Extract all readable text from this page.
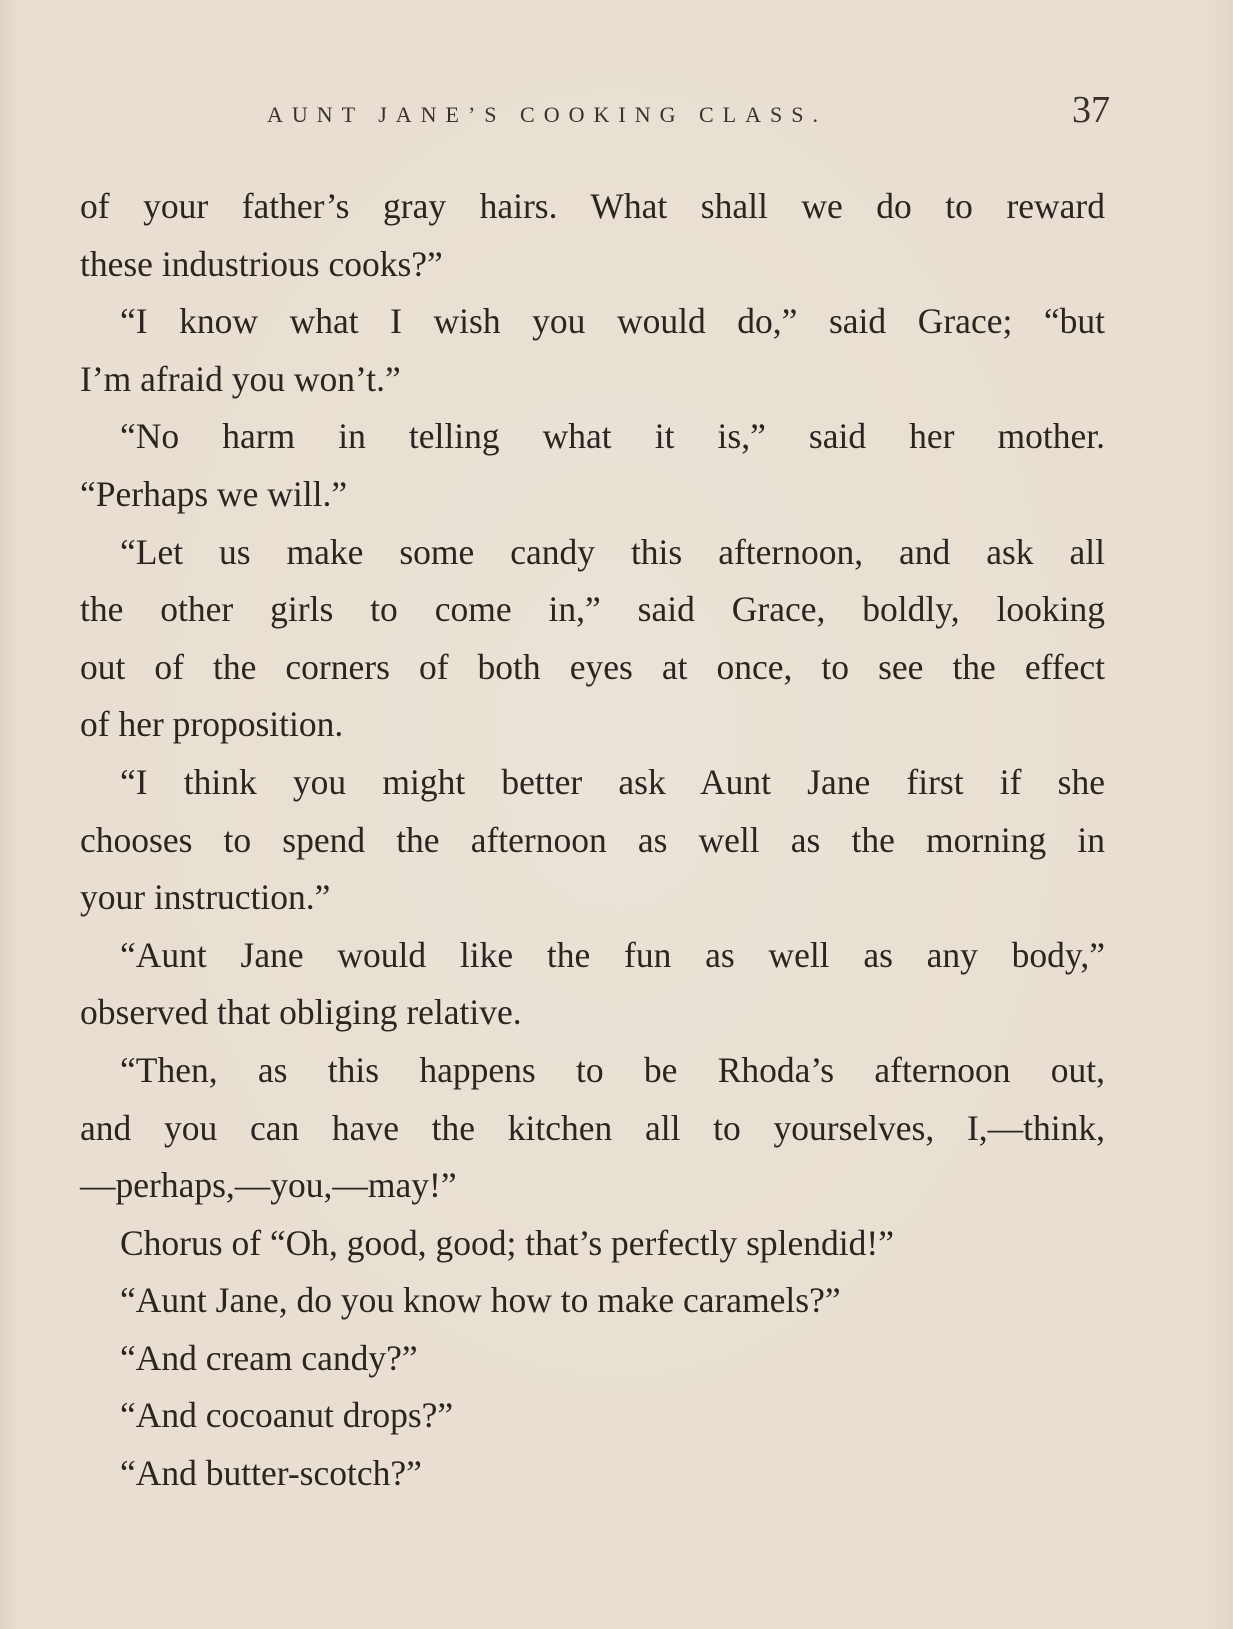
AUNT JANE’S COOKING CLASS.	37
of your father’s gray hairs. What shall we do to reward
these industrious cooks?”
“I know what I wish you would do,” said Grace; “but
I’m afraid you won’t.”
“No harm in telling what it is,” said her mother.
“Perhaps we will.”
“Let us make some candy this afternoon, and ask all
the other girls to come in,” said Grace, boldly, looking
out of the corners of both eyes at once, to see the effect
of her proposition.
“I think you might better ask Aunt Jane first if she
chooses to spend the afternoon as well as the morning in
your instruction.”
“Aunt Jane would like the fun as well as any body,”
observed that obliging relative.
“Then, as this happens to be Rhoda’s afternoon out,
and you can have the kitchen all to yourselves, I,—think,
—perhaps,—you,—may!”
Chorus of “Oh, good, good; that’s perfectly splendid!”
“Aunt Jane, do you know how to make caramels?”
“And cream candy?”
“And cocoanut drops?”
“And butter-scotch?”
